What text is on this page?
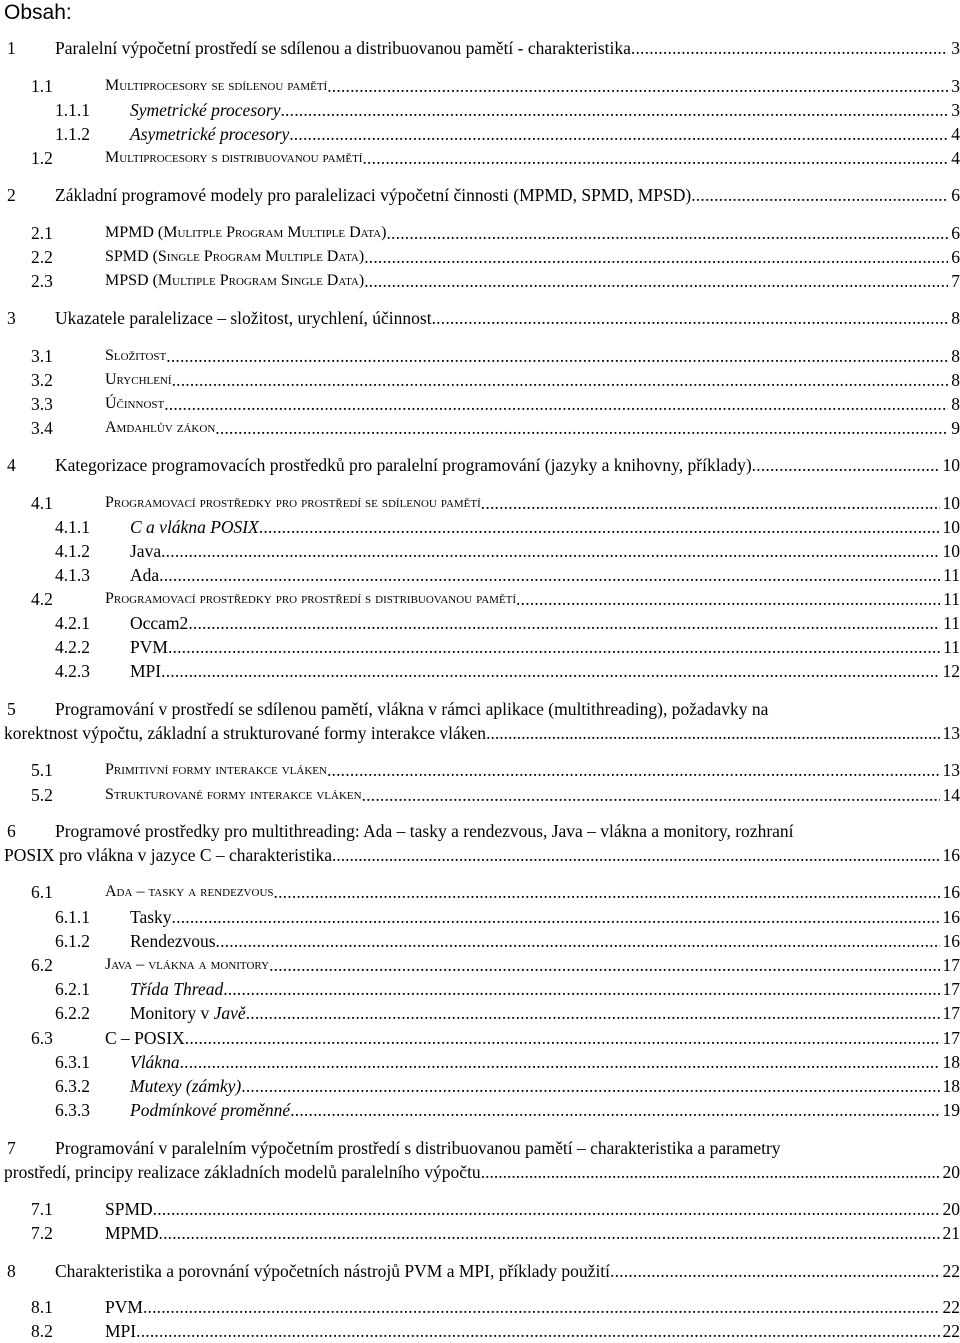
Obsah:
1 Paralelní výpočetní prostředí se sdílenou a distribuovanou pamětí - charakteristika .....	3
1.1	Multiprocesory se sdílenou pamětí .....	3
1.1.1 Symetrické procesory .....	3
1.1.2 Asymetrické procesory .....	4
1.2	Multiprocesory s distribuovanou pamětí .....	4
2 Základní programové modely pro paralelizaci výpočetní činnosti (MPMD, SPMD, MPSD) .....	6
2.1	MPMD (Mulitple Program Multiple Data) .....	6
2.2	SPMD (Single Program Multiple Data) .....	6
2.3	MPSD (Multiple Program Single Data) .....	7
3 Ukazatele paralelizace – složitost, urychlení, účinnost .....	8
3.1	Složitost .....	8
3.2	Urychlení .....	8
3.3	Účinnost .....	8
3.4	Amdahlův zákon .....	9
4 Kategorizace programovacích prostředků pro paralelní programování (jazyky a knihovny, příklady) .....	10
4.1	Programovací prostředky pro prostředí se sdílenou pamětí .....	10
4.1.1 C a vlákna POSIX .....	10
4.1.2 Java .....	10
4.1.3 Ada .....	11
4.2	Programovací prostředky pro prostředí s distribuovanou pamětí .....	11
4.2.1 Occam2 .....	11
4.2.2 PVM .....	11
4.2.3 MPI .....	12
5 Programování v prostředí se sdílenou pamětí, vlákna v rámci aplikace (multithreading), požadavky na
korektnost výpočtu, základní a strukturované formy interakce vláken .....	13
5.1	Primitivní formy interakce vláken .....	13
5.2	Strukturované formy interakce vláken .....	14
6 Programové prostředky pro multithreading: Ada – tasky a rendezvous, Java – vlákna a monitory, rozhraní
POSIX pro vlákna v jazyce C – charakteristika .....	16
6.1	Ada – tasky a rendezvous .....	16
6.1.1 Tasky .....	16
6.1.2 Rendezvous .....	16
6.2	Java – vlákna a monitory .....	17
6.2.1 Třída Thread .....	17
6.2.2 Monitory v Javě .....	17
6.3	C – POSIX .....	17
6.3.1 Vlákna .....	18
6.3.2 Mutexy (zámky) .....	18
6.3.3 Podmínkové proměnné .....	19
7 Programování v paralelním výpočetním prostředí s distribuovanou pamětí – charakteristika a parametry
prostředí, principy realizace základních modelů paralelního výpočtu .....	20
7.1	SPMD .....	20
7.2	MPMD .....	21
8 Charakteristika a porovnání výpočetních nástrojů PVM a MPI, příklady použití .....	22
8.1	PVM .....	22
8.2	MPI .....	22
